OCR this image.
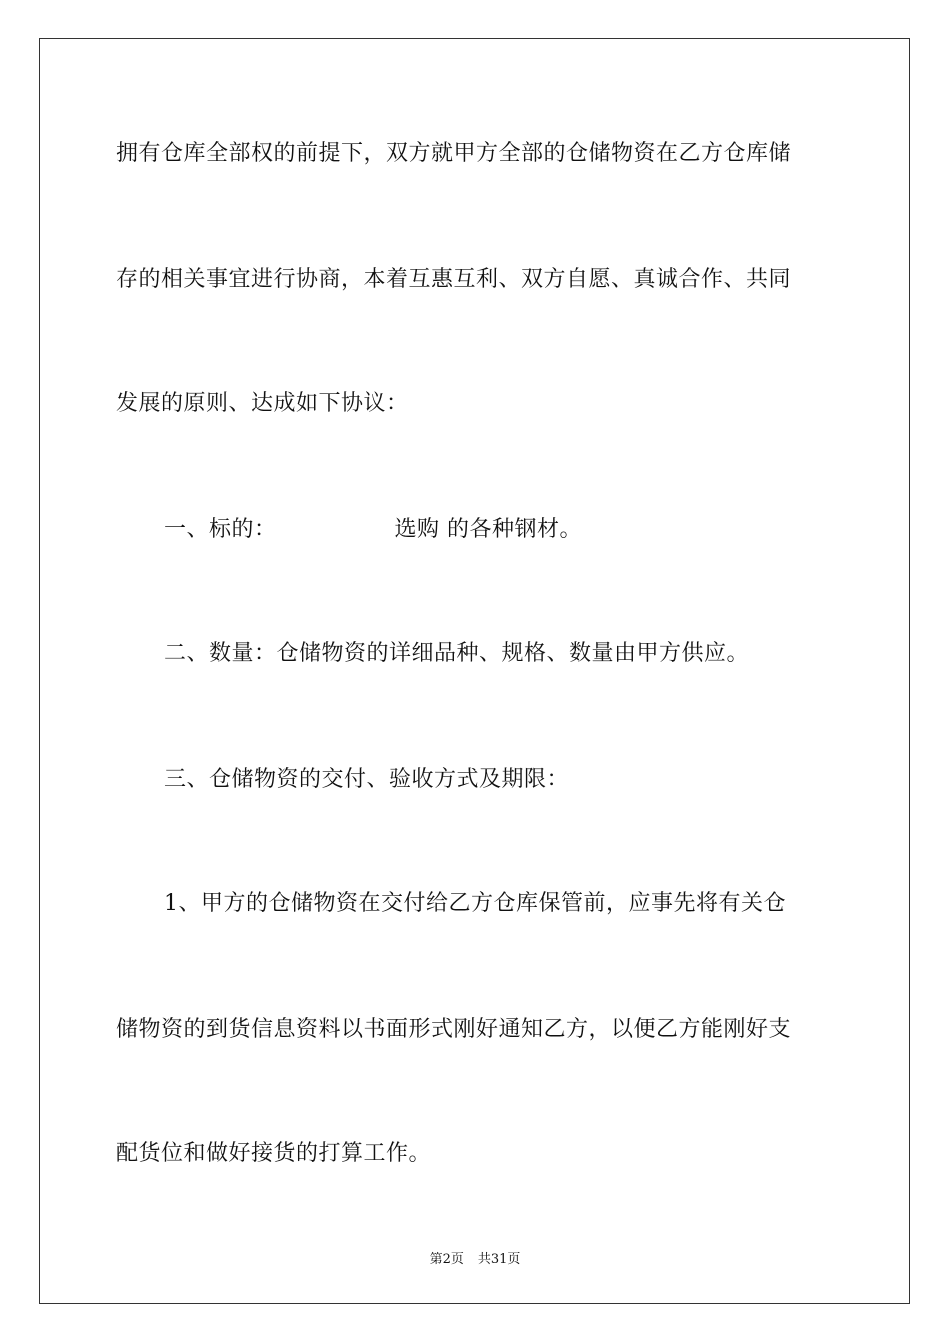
拥有仓库全部权的前提下，双方就甲方全部的仓储物资在乙方仓库储
存的相关事宜进行协商，本着互惠互利、双方自愿、真诚合作、共同
发展的原则、达成如下协议：
一、标的：	选购 的各种钢材。
二、数量：仓储物资的详细品种、规格、数量由甲方供应。
三、仓储物资的交付、验收方式及期限：
1、甲方的仓储物资在交付给乙方仓库保管前，应事先将有关仓
储物资的到货信息资料以书面形式刚好通知乙方，以便乙方能刚好支
配货位和做好接货的打算工作。
第2页 共31页
